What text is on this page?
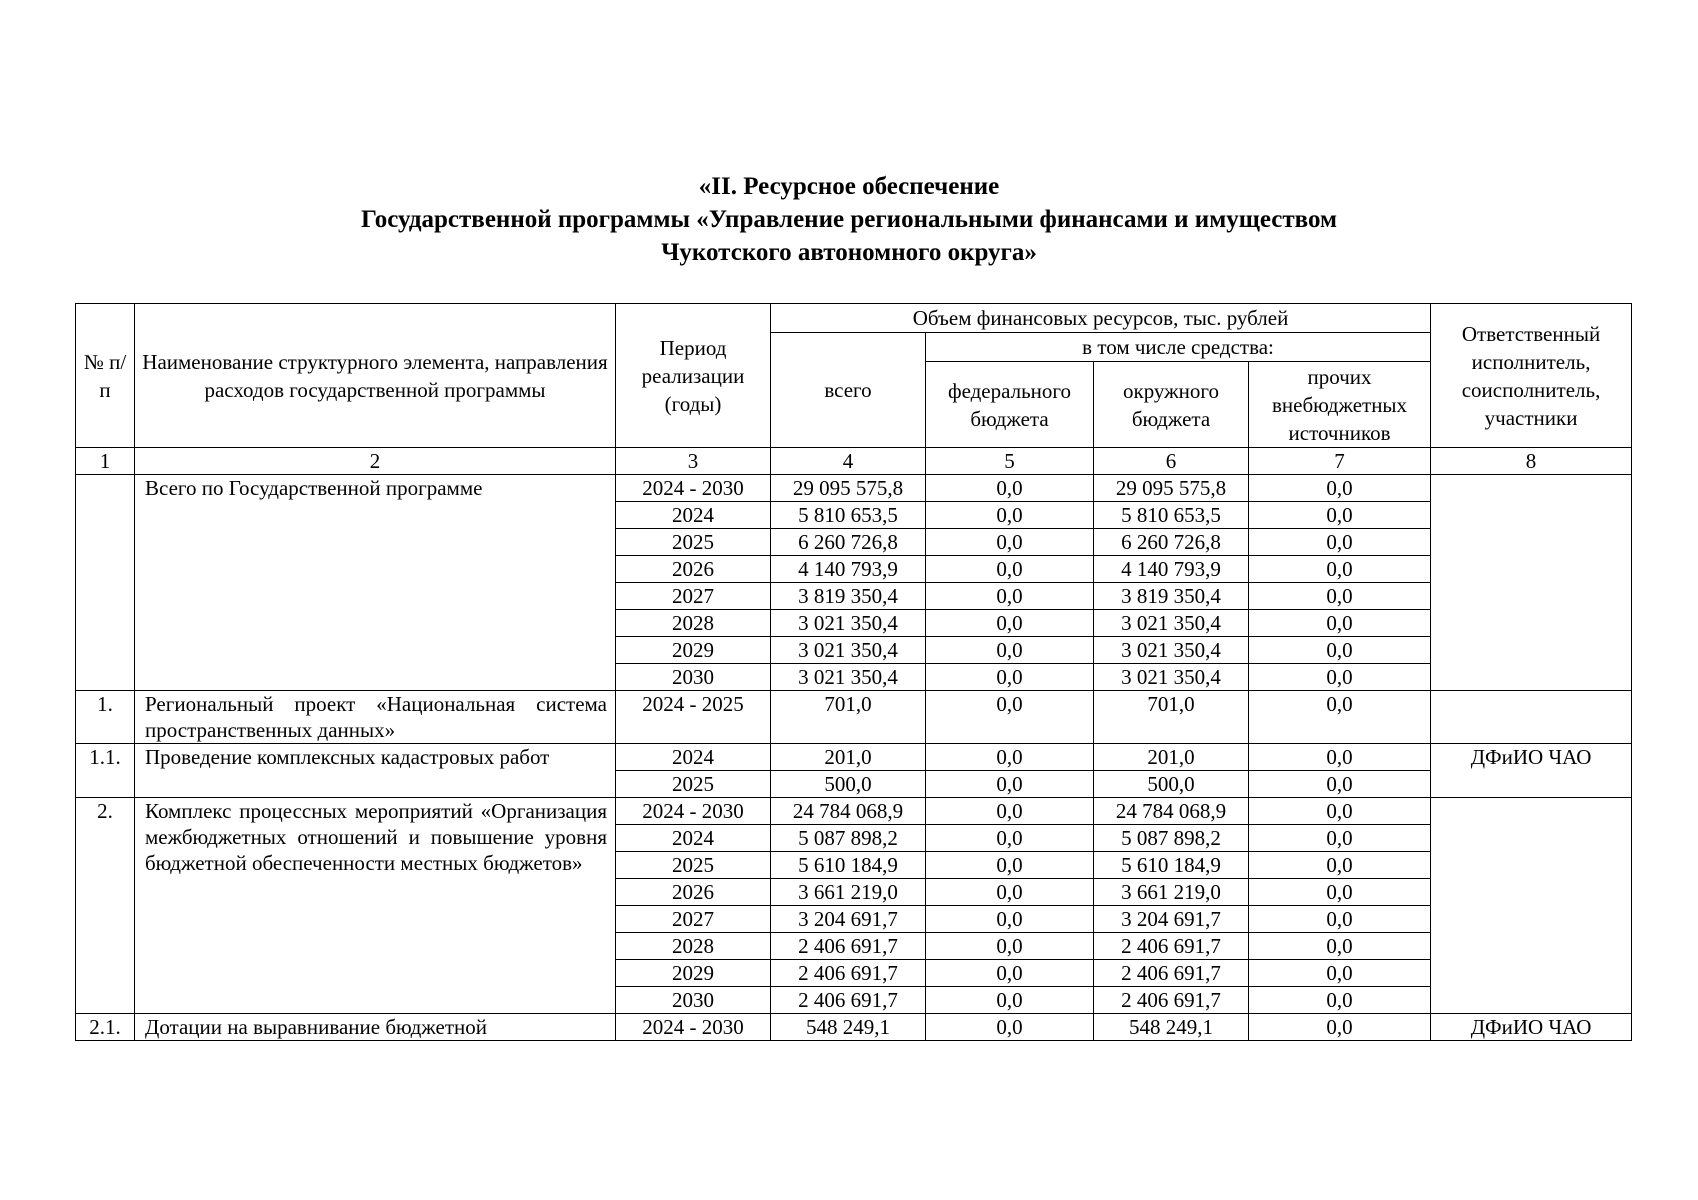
«II. Ресурсное обеспечение
Государственной программы «Управление региональными финансами и имуществом
Чукотского автономного округа»
№ п/п	Наименование структурного элемента, направления расходов государственной программы	Период реализации (годы)	Объем финансовых ресурсов, тыс. рублей				Ответственный исполнитель, соисполнитель, участники
			всего	в том числе средства:			
				федерального бюджета	окружного бюджета	прочих внебюджетных источников	
1	2	3	4	5	6	7	8
	Всего по Государственной программе	2024 - 2030	29 095 575,8	0,0	29 095 575,8	0,0	
		2024	5 810 653,5	0,0	5 810 653,5	0,0	
		2025	6 260 726,8	0,0	6 260 726,8	0,0	
		2026	4 140 793,9	0,0	4 140 793,9	0,0	
		2027	3 819 350,4	0,0	3 819 350,4	0,0	
		2028	3 021 350,4	0,0	3 021 350,4	0,0	
		2029	3 021 350,4	0,0	3 021 350,4	0,0	
		2030	3 021 350,4	0,0	3 021 350,4	0,0	
1.	Региональный проект «Национальная система пространственных данных»	2024 - 2025	701,0	0,0	701,0	0,0	
1.1.	Проведение комплексных кадастровых работ	2024	201,0	0,0	201,0	0,0	ДФиИО ЧАО
		2025	500,0	0,0	500,0	0,0	
2.	Комплекс процессных мероприятий «Организация межбюджетных отношений и повышение уровня бюджетной обеспеченности местных бюджетов»	2024 - 2030	24 784 068,9	0,0	24 784 068,9	0,0	
		2024	5 087 898,2	0,0	5 087 898,2	0,0	
		2025	5 610 184,9	0,0	5 610 184,9	0,0	
		2026	3 661 219,0	0,0	3 661 219,0	0,0	
		2027	3 204 691,7	0,0	3 204 691,7	0,0	
		2028	2 406 691,7	0,0	2 406 691,7	0,0	
		2029	2 406 691,7	0,0	2 406 691,7	0,0	
		2030	2 406 691,7	0,0	2 406 691,7	0,0	
2.1.	Дотации на выравнивание бюджетной	2024 - 2030	548 249,1	0,0	548 249,1	0,0	ДФиИО ЧАО
